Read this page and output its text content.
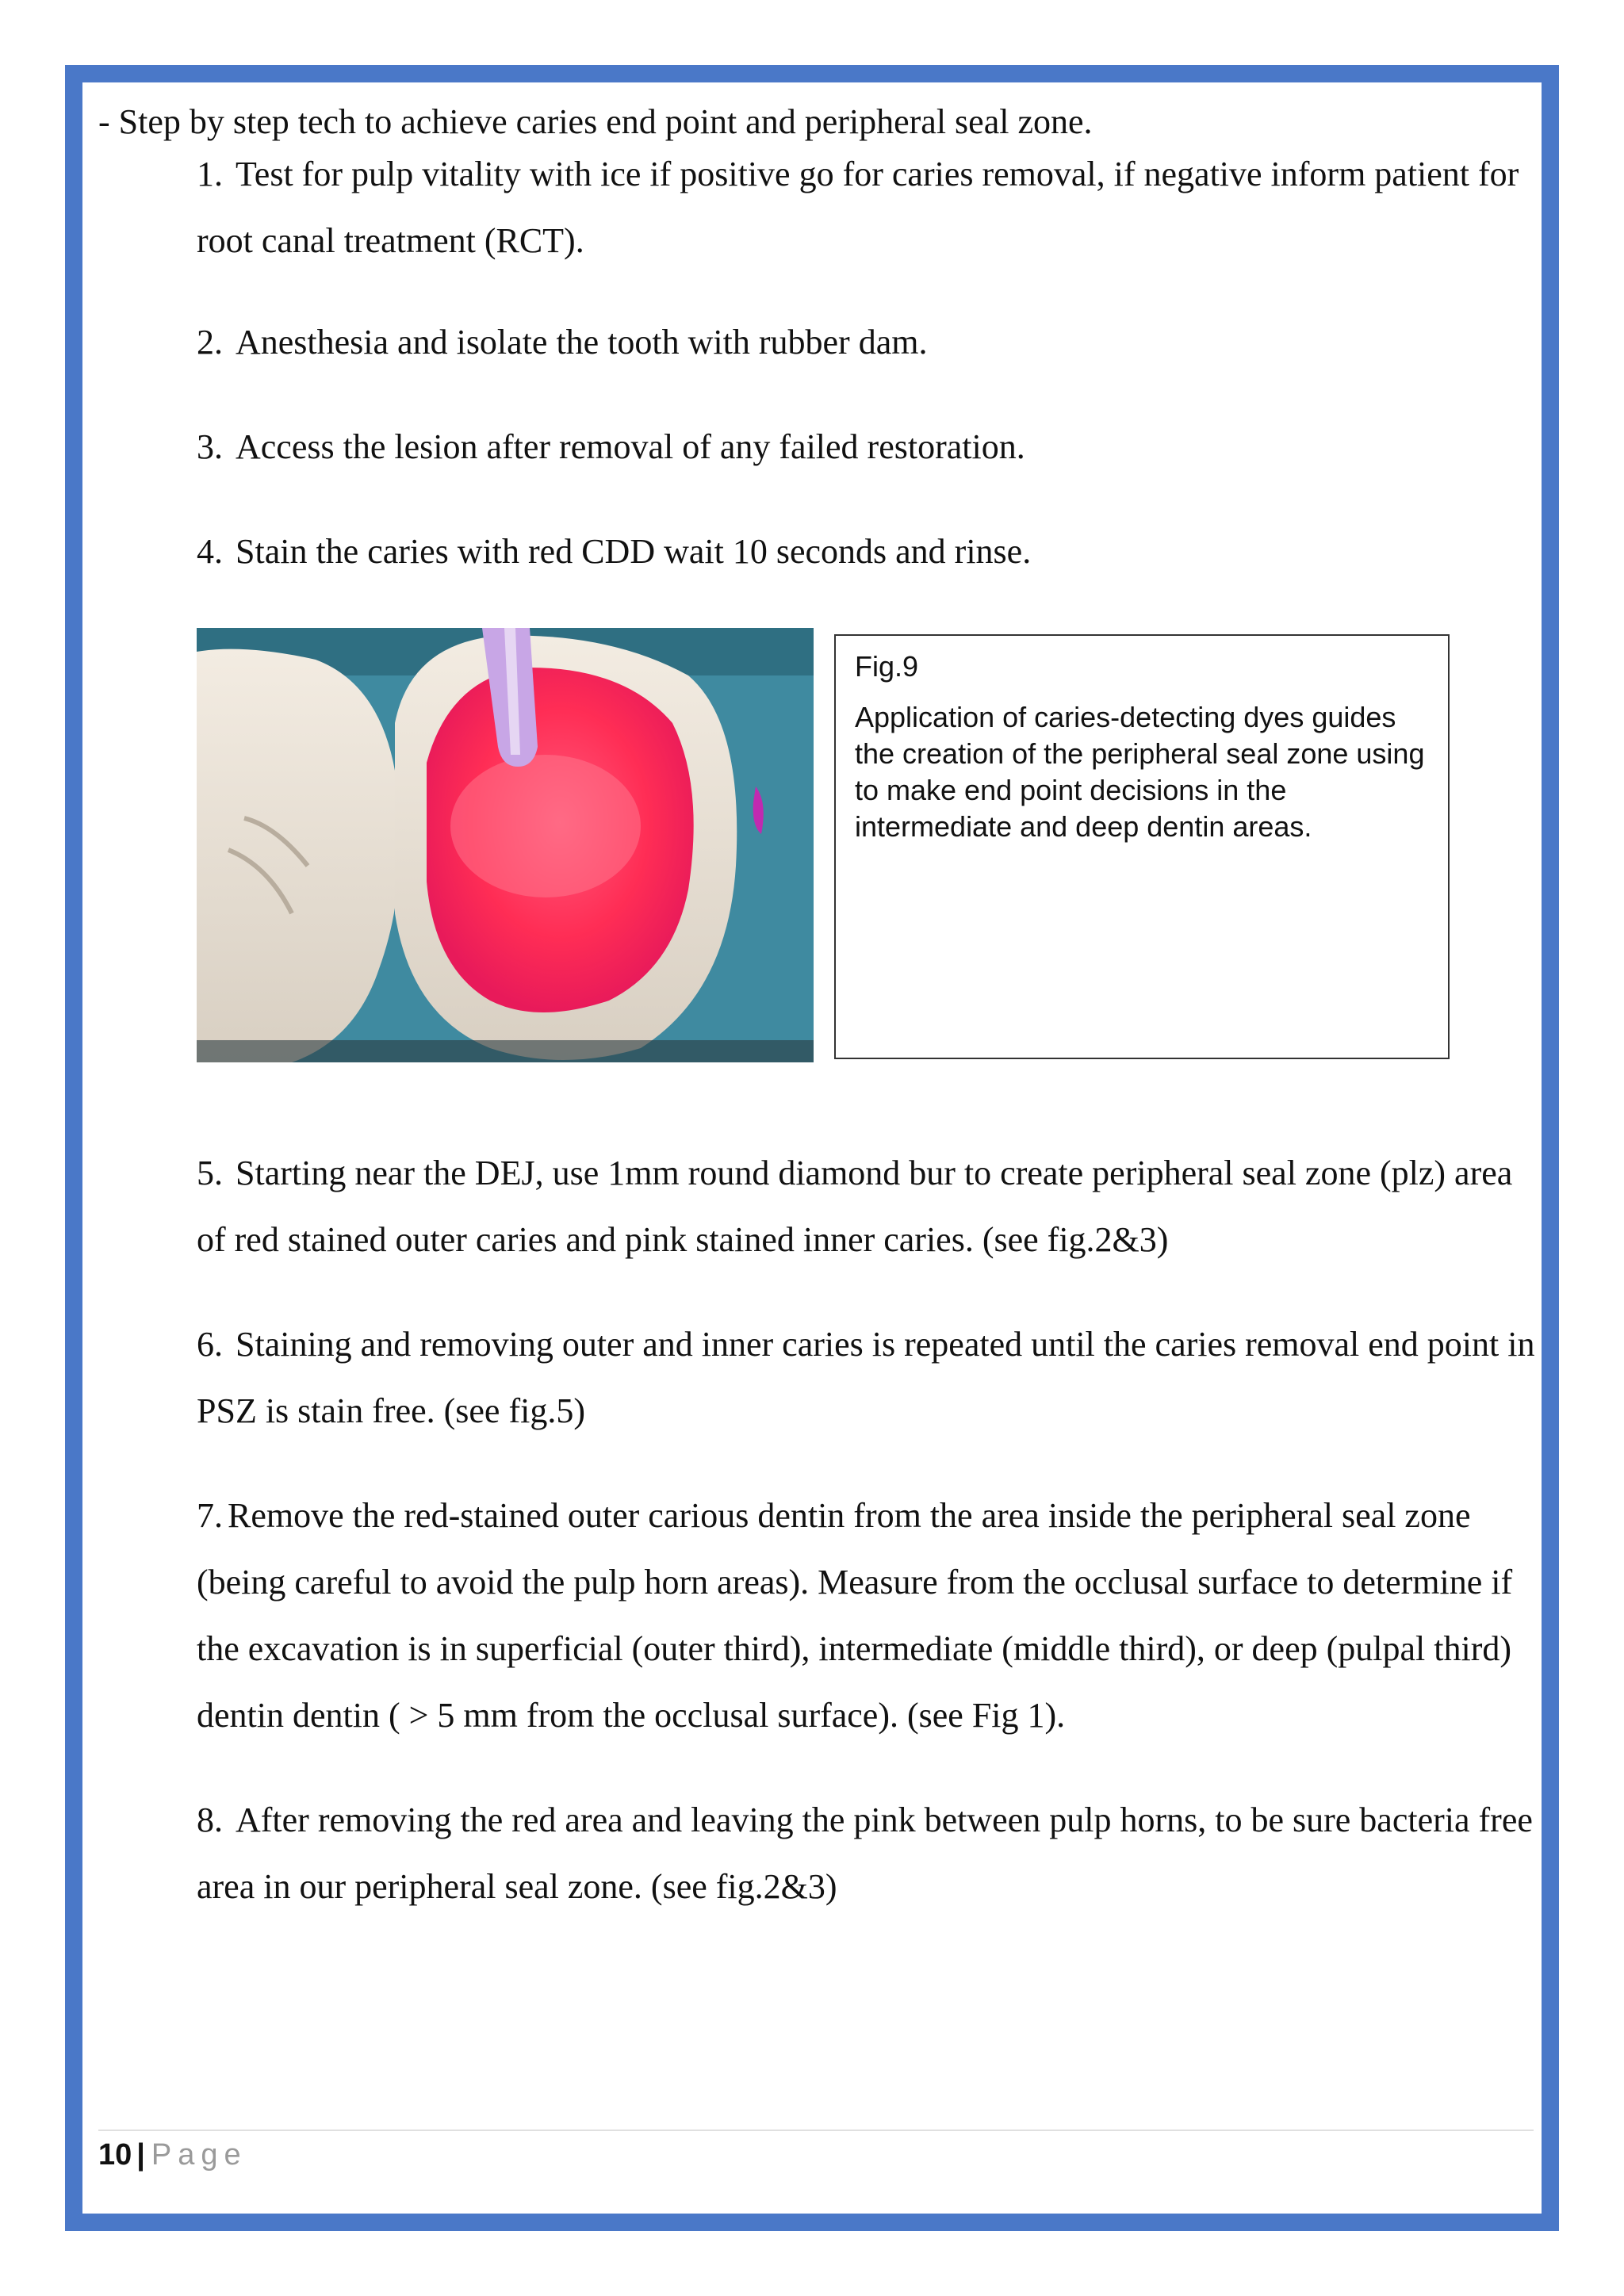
- Step by step tech to achieve caries end point and peripheral seal zone.
1. Test for pulp vitality with ice if positive go for caries removal, if negative inform patient for root canal treatment (RCT).
2. Anesthesia and isolate the tooth with rubber dam.
3. Access the lesion after removal of any failed restoration.
4. Stain the caries with red CDD wait 10 seconds and rinse.
Fig.9
Application of caries-detecting dyes guides the creation of the peripheral seal zone using to make end point decisions in the intermediate and deep dentin areas.
5. Starting near the DEJ, use 1mm round diamond bur to create peripheral seal zone (plz) area of red stained outer caries and pink stained inner caries. (see fig.2&3)
6. Staining and removing outer and inner caries is repeated until the caries removal end point in PSZ is stain free. (see fig.5)
7. Remove the red-stained outer carious dentin from the area inside the peripheral seal zone (being careful to avoid the pulp horn areas). Measure from the occlusal surface to determine if the excavation is in superficial (outer third), intermediate (middle third), or deep (pulpal third) dentin dentin ( > 5 mm from the occlusal surface). (see Fig 1).
8. After removing the red area and leaving the pink between pulp horns, to be sure bacteria free area in our peripheral seal zone. (see fig.2&3)
10 | Page
